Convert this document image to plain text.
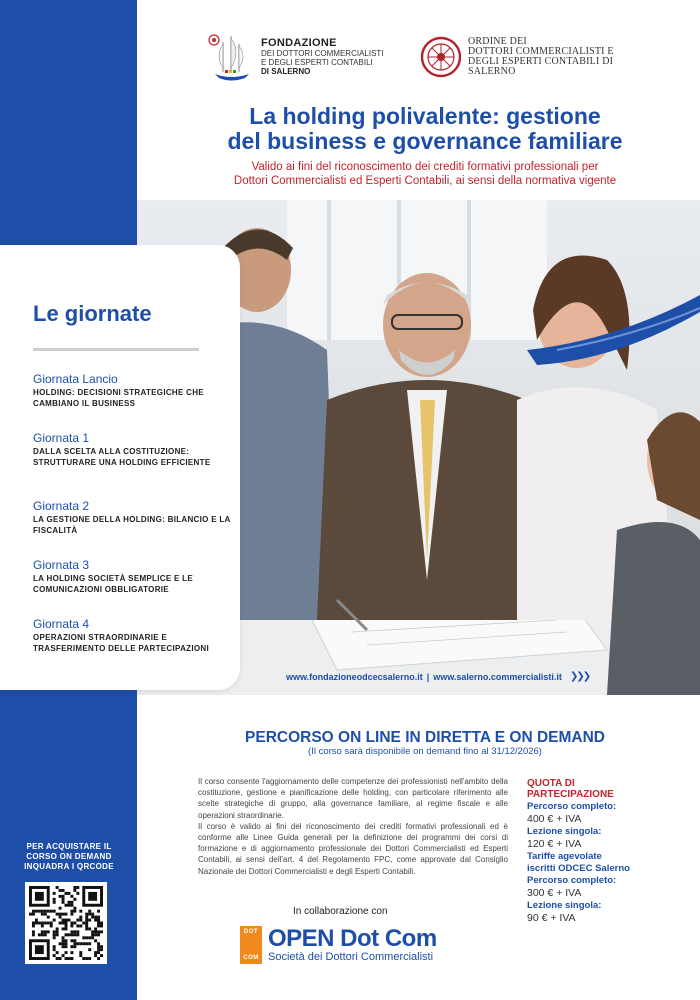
FONDAZIONE
DEI DOTTORI COMMERCIALISTI
E DEGLI ESPERTI CONTABILI
DI SALERNO
ORDINE DEI
DOTTORI COMMERCIALISTI E
DEGLI ESPERTI CONTABILI DI
SALERNO
La holding polivalente: gestione
del business e governance familiare
Valido ai fini del riconoscimento dei crediti formativi professionali per
Dottori Commercialisti ed Esperti Contabili, ai sensi della normativa vigente
www.fondazioneodcecsalerno.it | www.salerno.commercialisti.it ❯❯❯
Le giornate
Giornata Lancio
HOLDING: DECISIONI STRATEGICHE CHE CAMBIANO IL BUSINESS
Giornata 1
DALLA SCELTA ALLA COSTITUZIONE: STRUTTURARE UNA HOLDING EFFICIENTE
Giornata 2
LA GESTIONE DELLA HOLDING: BILANCIO E LA FISCALITÀ
Giornata 3
LA HOLDING SOCIETÀ SEMPLICE E LE COMUNICAZIONI OBBLIGATORIE
Giornata 4
OPERAZIONI STRAORDINARIE E TRASFERIMENTO DELLE PARTECIPAZIONI
PERCORSO ON LINE IN DIRETTA E ON DEMAND
(Il corso sarà disponibile on demand fino al 31/12/2026)

Il corso consente l'aggiornamento delle competenze dei professionisti nell'ambito della costituzione, gestione e pianificazione delle holding, con particolare riferimento alle scelte strategiche di gruppo, alla governance familiare, al regime fiscale e alle operazioni straordinarie.

Il corso è valido ai fini del riconoscimento dei crediti formativi professionali ed è conforme alle Linee Guida generali per la definizione dei programmi dei corsi di formazione e di aggiornamento professionale dei Dottori Commercialisti ed Esperti Contabili, ai sensi dell'art. 4 del Regolamento FPC, come approvate dal Consiglio Nazionale dei Dottori Commercialisti e degli Esperti Contabili.

QUOTA DI
PARTECIPAZIONE
Percorso completo:
400 € + IVA
Lezione singola:
120 € + IVA
Tariffe agevolate
iscritti ODCEC Salerno
Percorso completo:
300 € + IVA
Lezione singola:
90 € + IVA
In collaborazione con
DOT
COM
OPEN Dot Com
Società dei Dottori Commercialisti
PER ACQUISTARE IL
CORSO ON DEMAND
INQUADRA I QRCODE
